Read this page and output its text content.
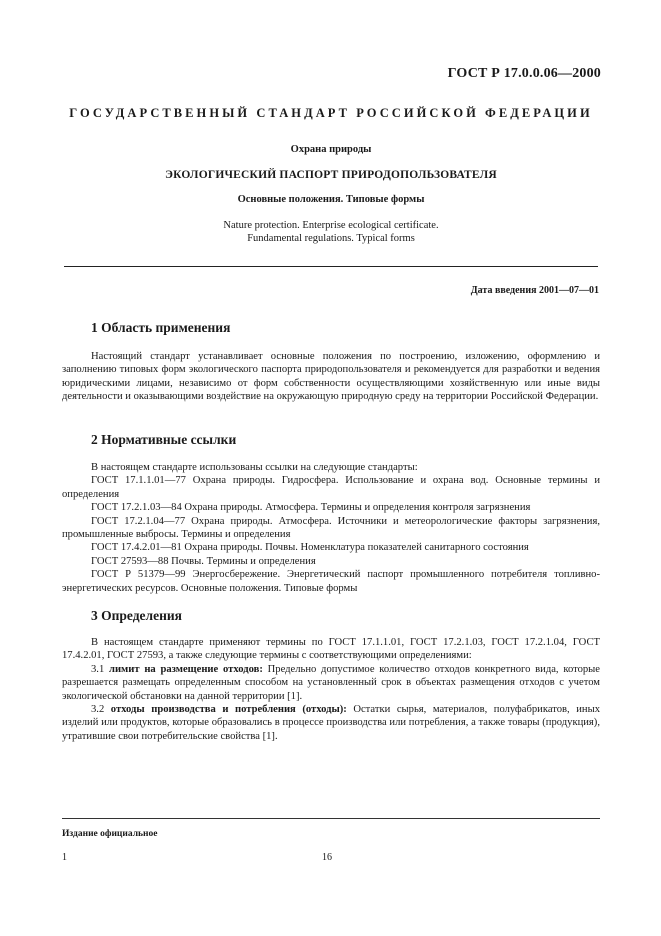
ГОСТ Р 17.0.0.06—2000
ГОСУДАРСТВЕННЫЙ СТАНДАРТ РОССИЙСКОЙ ФЕДЕРАЦИИ
Охрана природы
ЭКОЛОГИЧЕСКИЙ ПАСПОРТ ПРИРОДОПОЛЬЗОВАТЕЛЯ
Основные положения. Типовые формы
Nature protection. Enterprise ecological certificate.
Fundamental regulations. Typical forms
Дата введения 2001—07—01
1 Область применения

Настоящий стандарт устанавливает основные положения по построению, изложению, оформлению и заполнению типовых форм экологического паспорта природопользователя и рекомендуется для разработки и ведения юридическими лицами, независимо от форм собственности осуществляющими хозяйственную или иные виды деятельности и оказывающими воздействие на окружающую природную среду на территории Российской Федерации.

2 Нормативные ссылки

В настоящем стандарте использованы ссылки на следующие стандарты:

ГОСТ 17.1.1.01—77 Охрана природы. Гидросфера. Использование и охрана вод. Основные термины и определения

ГОСТ 17.2.1.03—84 Охрана природы. Атмосфера. Термины и определения контроля загрязнения

ГОСТ 17.2.1.04—77 Охрана природы. Атмосфера. Источники и метеорологические факторы загрязнения, промышленные выбросы. Термины и определения

ГОСТ 17.4.2.01—81 Охрана природы. Почвы. Номенклатура показателей санитарного состояния

ГОСТ 27593—88 Почвы. Термины и определения

ГОСТ Р 51379—99 Энергосбережение. Энергетический паспорт промышленного потребителя топливно-энергетических ресурсов. Основные положения. Типовые формы

3 Определения

В настоящем стандарте применяют термины по ГОСТ 17.1.1.01, ГОСТ 17.2.1.03, ГОСТ 17.2.1.04, ГОСТ 17.4.2.01, ГОСТ 27593, а также следующие термины с соответствующими определениями:

3.1 лимит на размещение отходов: Предельно допустимое количество отходов конкретного вида, которые разрешается размещать определенным способом на установленный срок в объектах размещения отходов с учетом экологической обстановки на данной территории [1].

3.2 отходы производства и потребления (отходы): Остатки сырья, материалов, полуфабрикатов, иных изделий или продуктов, которые образовались в процессе производства или потребления, а также товары (продукция), утратившие свои потребительские свойства [1].

Издание официальное
1	16
